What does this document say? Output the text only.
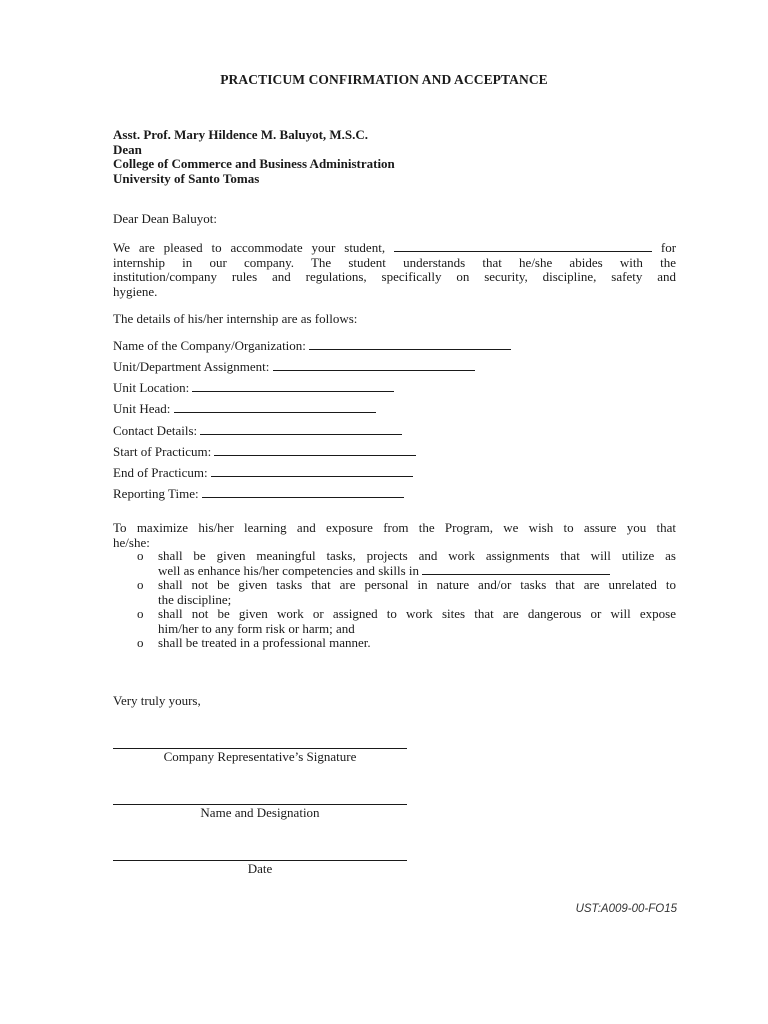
PRACTICUM CONFIRMATION AND ACCEPTANCE
Asst. Prof. Mary Hildence M. Baluyot, M.S.C.
Dean
College of Commerce and Business Administration
University of Santo Tomas
Dear Dean Baluyot:
We are pleased to accommodate your student,	for
internship in our company. The student understands that he/she abides with the
institution/company rules and regulations, specifically on security, discipline, safety and
hygiene.
The details of his/her internship are as follows:
Name of the Company/Organization:
Unit/Department Assignment:
Unit Location:
Unit Head:
Contact Details:
Start of Practicum:
End of Practicum:
Reporting Time:
To maximize his/her learning and exposure from the Program, we wish to assure you that
he/she:
o shall be given meaningful tasks, projects and work assignments that will utilize as
well as enhance his/her competencies and skills in
o shall not be given tasks that are personal in nature and/or tasks that are unrelated to
the discipline;
o shall not be given work or assigned to work sites that are dangerous or will expose
him/her to any form risk or harm; and
o shall be treated in a professional manner.
Very truly yours,
Company Representative’s Signature
Name and Designation
Date
UST:A009-00-FO15
